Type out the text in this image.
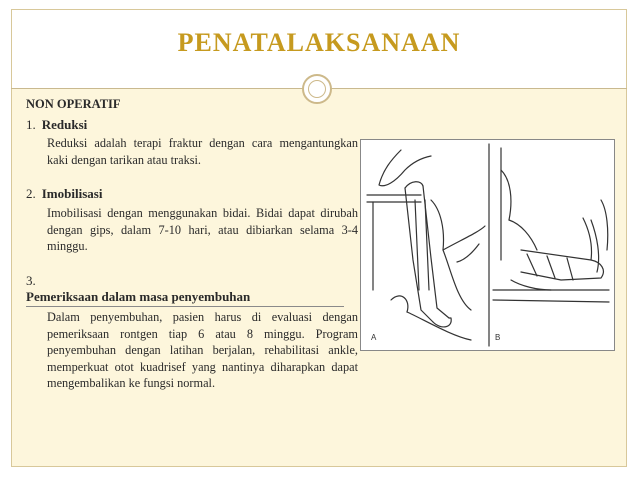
PENATALAKSANAAN
NON OPERATIF
1. Reduksi
Reduksi adalah terapi fraktur dengan cara mengantungkan kaki dengan tarikan atau traksi.
2. Imobilisasi
Imobilisasi dengan menggunakan bidai. Bidai dapat dirubah dengan gips, dalam 7-10 hari, atau dibiarkan selama 3-4 minggu.
3.Pemeriksaan dalam masa penyembuhan
Dalam penyembuhan, pasien harus di evaluasi dengan pemeriksaan rontgen tiap 6 atau 8 minggu. Program penyembuhan dengan latihan berjalan, rehabilitasi ankle, memperkuat otot kuadrisef yang nantinya diharapkan dapat mengembalikan ke fungsi normal.
A	B
